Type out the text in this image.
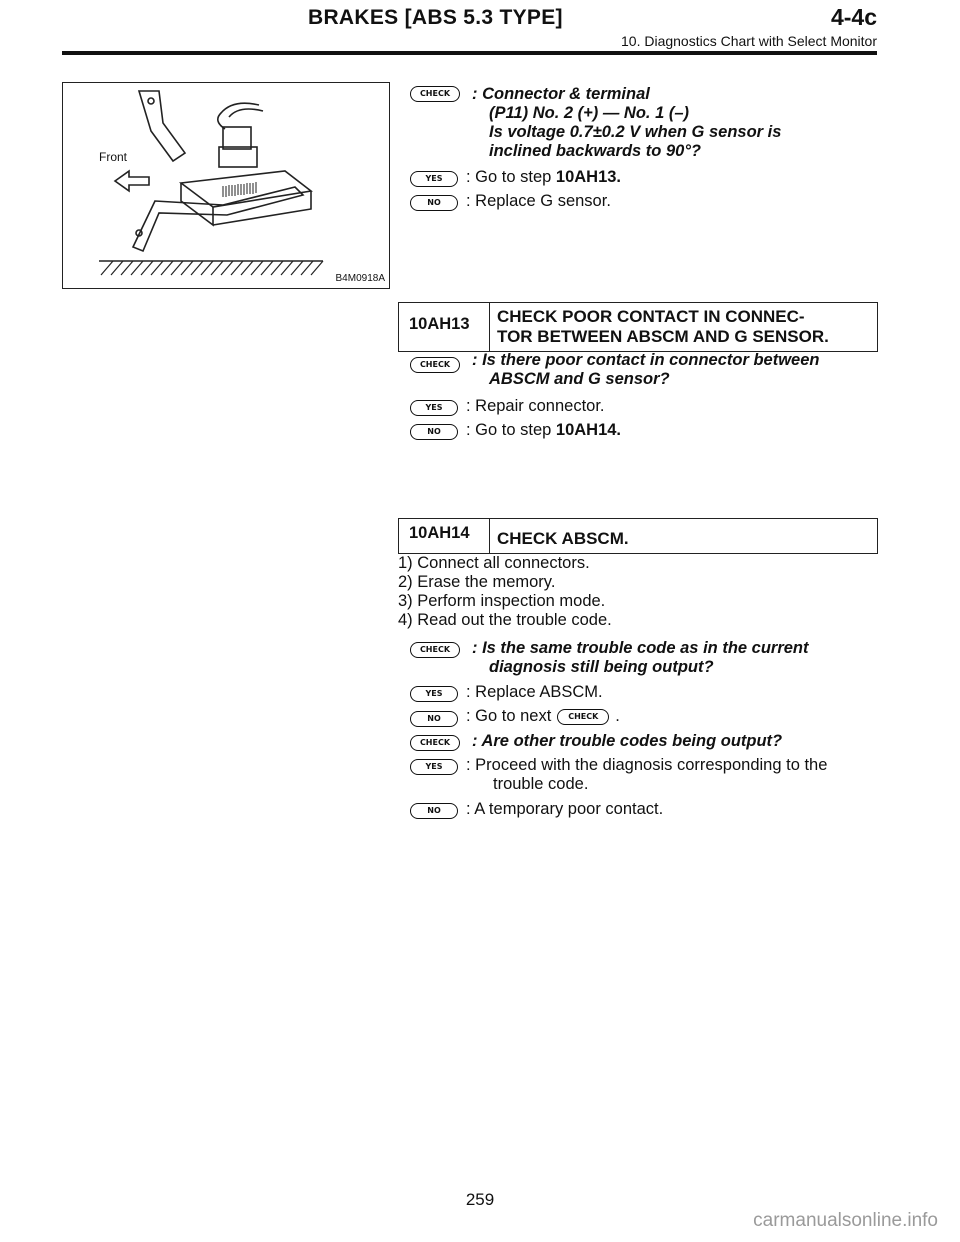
BRAKES [ABS 5.3 TYPE]	4-4c
10. Diagnostics Chart with Select Monitor
Front
B4M0918A
CHECK	: Connector & terminal
(P11) No. 2 (+) — No. 1 (–)
Is voltage 0.7±0.2 V when G sensor is
inclined backwards to 90°?
YES	: Go to step 10AH13.
NO	: Replace G sensor.
10AH13 CHECK POOR CONTACT IN CONNEC-
TOR BETWEEN ABSCM AND G SENSOR.
CHECK	: Is there poor contact in connector between
ABSCM and G sensor?
YES	: Repair connector.
NO	: Go to step 10AH14.
10AH14 CHECK ABSCM.
1) Connect all connectors.
2) Erase the memory.
3) Perform inspection mode.
4) Read out the trouble code.
CHECK	: Is the same trouble code as in the current
diagnosis still being output?
YES	: Replace ABSCM.
NO	: Go to next CHECK .
CHECK	: Are other trouble codes being output?
YES	: Proceed with the diagnosis corresponding to the
trouble code.
NO	: A temporary poor contact.
259
carmanualsonline.info
